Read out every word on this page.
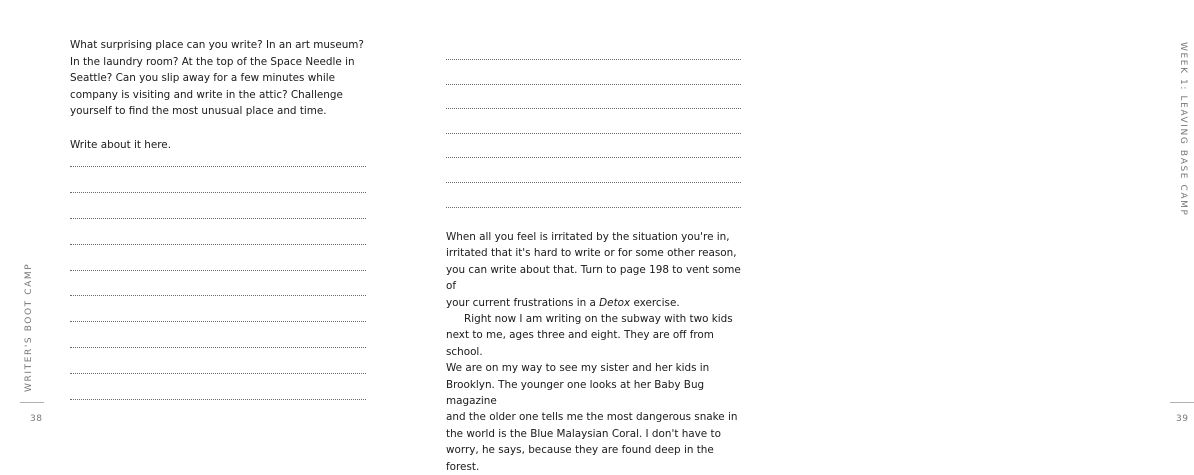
WRITER'S BOOT CAMP
38

What surprising place can you write? In an art museum?

In the laundry room? At the top of the Space Needle in

Seattle? Can you slip away for a few minutes while

company is visiting and write in the attic? Challenge

yourself to find the most unusual place and time.

Write about it here.	WEEK 1: LEAVING BASE CAMP
39

When all you feel is irritated by the situation you're in,

irritated that it's hard to write or for some other reason,

you can write about that. Turn to page 198 to vent some of

your current frustrations in a Detox exercise.

Right now I am writing on the subway with two kids

next to me, ages three and eight. They are off from school.

We are on my way to see my sister and her kids in

Brooklyn. The younger one looks at her Baby Bug magazine

and the older one tells me the most dangerous snake in

the world is the Blue Malaysian Coral. I don't have to

worry, he says, because they are found deep in the forest.
